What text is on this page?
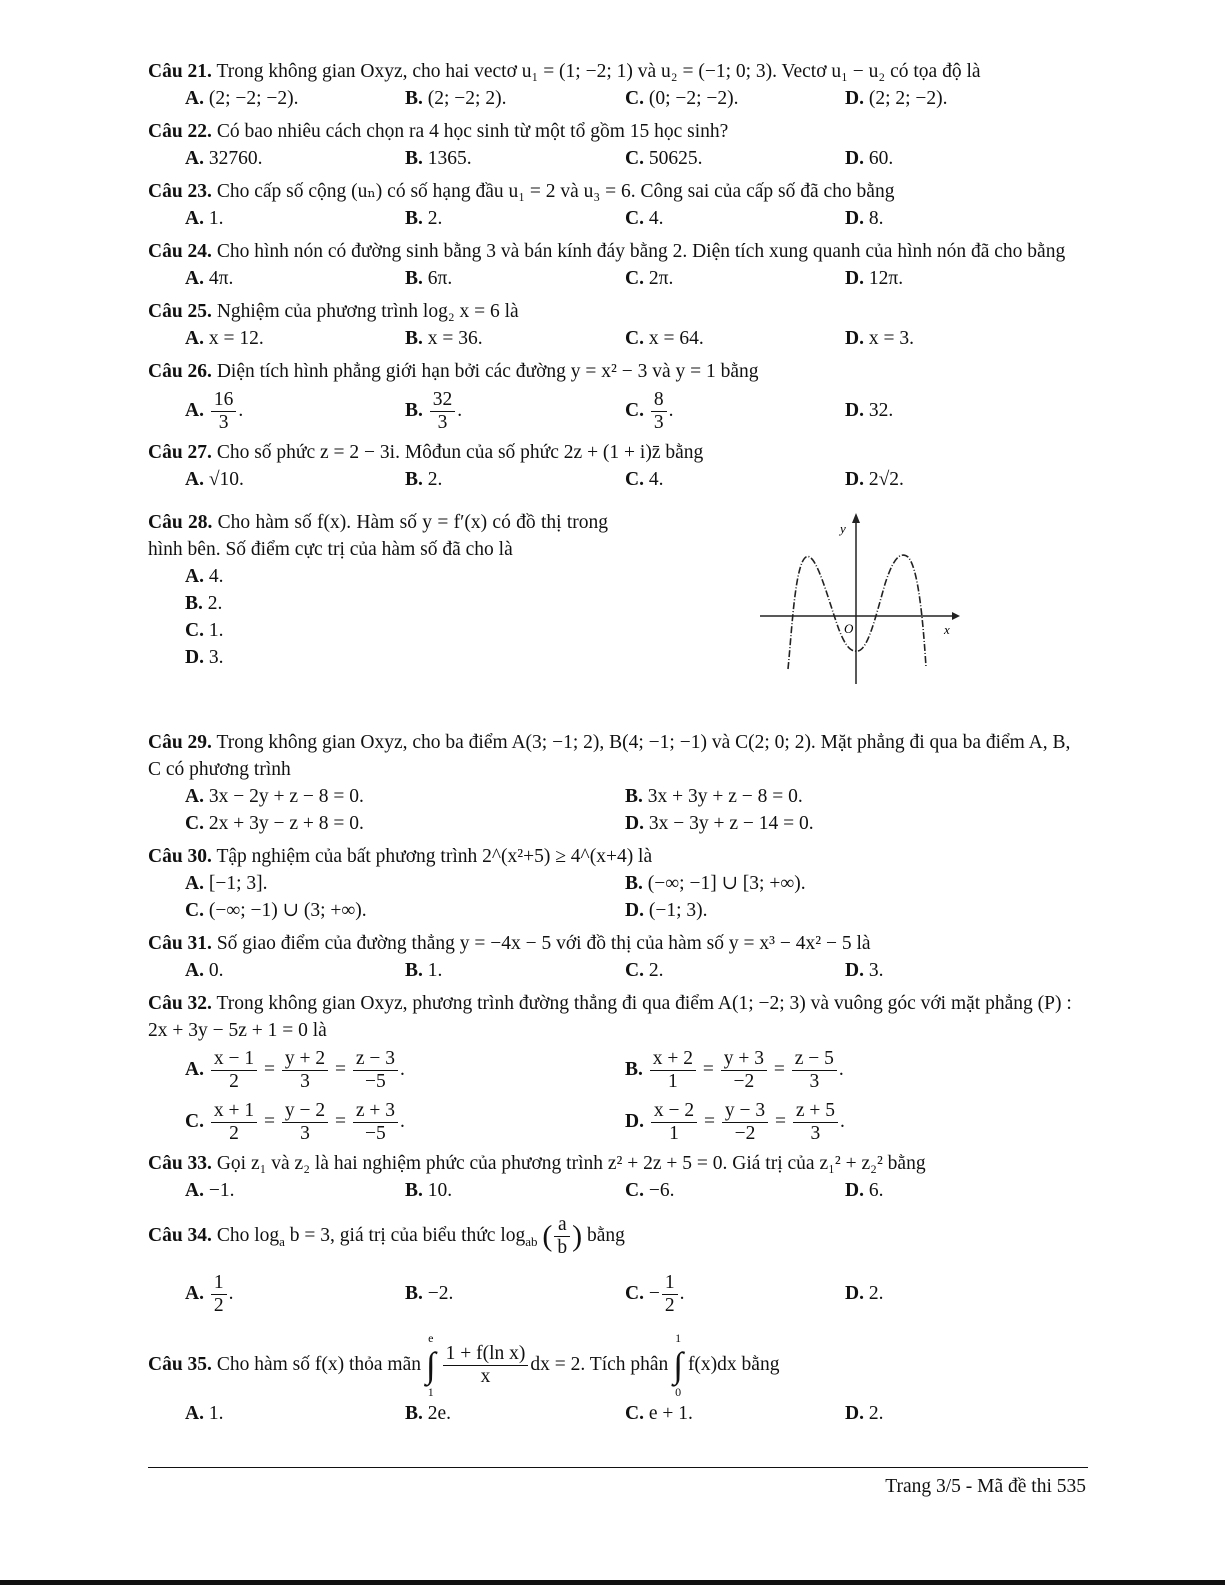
Câu 21. Trong không gian Oxyz, cho hai vectơ u₁ = (1; −2; 1) và u₂ = (−1; 0; 3). Vectơ u₁ − u₂ có tọa độ là
A. (2; −2; −2).	B. (2; −2; 2).	C. (0; −2; −2).	D. (2; 2; −2).
Câu 22. Có bao nhiêu cách chọn ra 4 học sinh từ một tổ gồm 15 học sinh?
A. 32760.	B. 1365.	C. 50625.	D. 60.
Câu 23. Cho cấp số cộng (uₙ) có số hạng đầu u₁ = 2 và u₃ = 6. Công sai của cấp số đã cho bằng
A. 1.	B. 2.	C. 4.	D. 8.
Câu 24. Cho hình nón có đường sinh bằng 3 và bán kính đáy bằng 2. Diện tích xung quanh của hình nón đã cho bằng
A. 4π.	B. 6π.	C. 2π.	D. 12π.
Câu 25. Nghiệm của phương trình log₂ x = 6 là
A. x = 12.	B. x = 36.	C. x = 64.	D. x = 3.
Câu 26. Diện tích hình phẳng giới hạn bởi các đường y = x² − 3 và y = 1 bằng
A. $\frac{16}{3}$ .	B. $\frac{32}{3}$ .	C. $\frac{8}{3}$ .	D. 32.
Câu 27. Cho số phức z = 2 − 3i. Môđun của số phức 2z + (1 + i)z̄ bằng
A. √10.	B. 2.	C. 4.	D. 2√2.
Câu 28. Cho hàm số f(x). Hàm số y = f′(x) có đồ thị trong hình bên. Số điểm cực trị của hàm số đã cho là
A. 4.
B. 2.
C. 1.
D. 3.
y
x
O
Câu 29. Trong không gian Oxyz, cho ba điểm A(3; −1; 2), B(4; −1; −1) và C(2; 0; 2). Mặt phẳng đi qua ba điểm A, B, C có phương trình
A. 3x − 2y + z − 8 = 0.	B. 3x + 3y + z − 8 = 0.
C. 2x + 3y − z + 8 = 0.	D. 3x − 3y + z − 14 = 0.
Câu 30. Tập nghiệm của bất phương trình 2^(x²+5) ≥ 4^(x+4) là
A. [−1; 3].	B. (−∞; −1] ∪ [3; +∞).
C. (−∞; −1) ∪ (3; +∞).	D. (−1; 3).
Câu 31. Số giao điểm của đường thẳng y = −4x − 5 với đồ thị của hàm số y = x³ − 4x² − 5 là
A. 0.	B. 1.	C. 2.	D. 3.
Câu 32. Trong không gian Oxyz, phương trình đường thẳng đi qua điểm A(1; −2; 3) và vuông góc với mặt phẳng (P) : 2x + 3y − 5z + 1 = 0 là
A. $\frac{x - 1}{2} = \frac{y + 2}{3} = \frac{z - 3}{-5}$ .	B. $\frac{x + 2}{1} = \frac{y + 3}{-2} = \frac{z - 5}{3}$ .
C. $\frac{x + 1}{2} = \frac{y - 2}{3} = \frac{z + 3}{-5}$ .	D. $\frac{x - 2}{1} = \frac{y - 3}{-2} = \frac{z + 5}{3}$ .
Câu 33. Gọi z₁ và z₂ là hai nghiệm phức của phương trình z² + 2z + 5 = 0. Giá trị của z₁² + z₂² bằng
A. −1.	B. 10.	C. −6.	D. 6.
Câu 34. Cho $\log_a b = 3$, giá trị của biểu thức $\log_{ab}$ ( $\frac{a}{b}$ ) bằng
A. $\frac{1}{2}$ .	B. −2.	C. − $\frac{1}{2}$ .	D. 2.
Câu 35. Cho hàm số f(x) thỏa mãn
e
∫
1

$\frac{\text{1 + f(ln x)}}{x}$ dx = 2. Tích phân
1
∫
0
f(x)dx bằng
A. 1.	B. 2e.	C. e + 1.	D. 2.
Trang 3/5 - Mã đề thi 535
